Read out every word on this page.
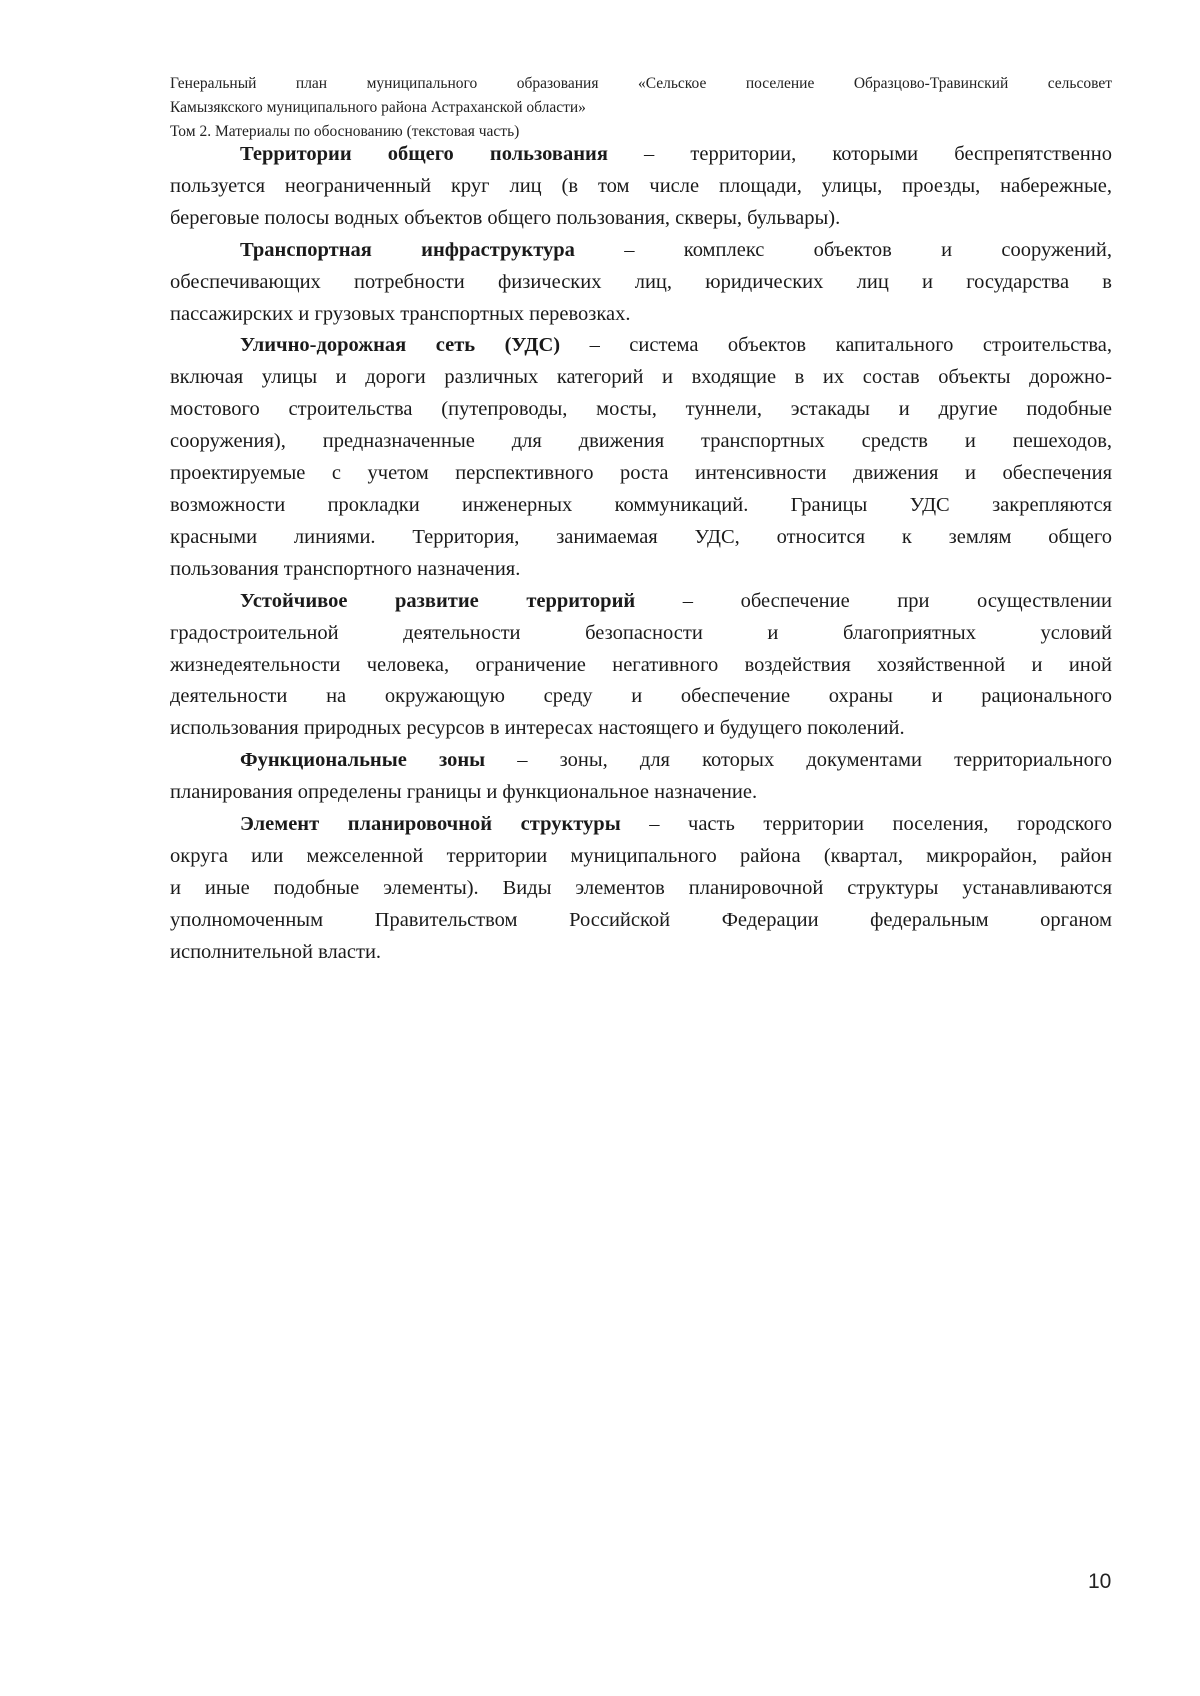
Генеральный план муниципального образования «Сельское поселение Образцово-Травинский сельсовет
Камызякского муниципального района Астраханской области»
Том 2. Материалы по обоснованию (текстовая часть)
Территории общего пользования – территории, которыми беспрепятственно
пользуется неограниченный круг лиц (в том числе площади, улицы, проезды, набережные,
береговые полосы водных объектов общего пользования, скверы, бульвары).
Транспортная инфраструктура – комплекс объектов и сооружений,
обеспечивающих потребности физических лиц, юридических лиц и государства в
пассажирских и грузовых транспортных перевозках.
Улично-дорожная сеть (УДС) – система объектов капитального строительства,
включая улицы и дороги различных категорий и входящие в их состав объекты дорожно-
мостового строительства (путепроводы, мосты, туннели, эстакады и другие подобные
сооружения), предназначенные для движения транспортных средств и пешеходов,
проектируемые с учетом перспективного роста интенсивности движения и обеспечения
возможности прокладки инженерных коммуникаций. Границы УДС закрепляются
красными линиями. Территория, занимаемая УДС, относится к землям общего
пользования транспортного назначения.
Устойчивое развитие территорий – обеспечение при осуществлении
градостроительной деятельности безопасности и благоприятных условий
жизнедеятельности человека, ограничение негативного воздействия хозяйственной и иной
деятельности на окружающую среду и обеспечение охраны и рационального
использования природных ресурсов в интересах настоящего и будущего поколений.
Функциональные зоны – зоны, для которых документами территориального
планирования определены границы и функциональное назначение.
Элемент планировочной структуры – часть территории поселения, городского
округа или межселенной территории муниципального района (квартал, микрорайон, район
и иные подобные элементы). Виды элементов планировочной структуры устанавливаются
уполномоченным Правительством Российской Федерации федеральным органом
исполнительной власти.
10
